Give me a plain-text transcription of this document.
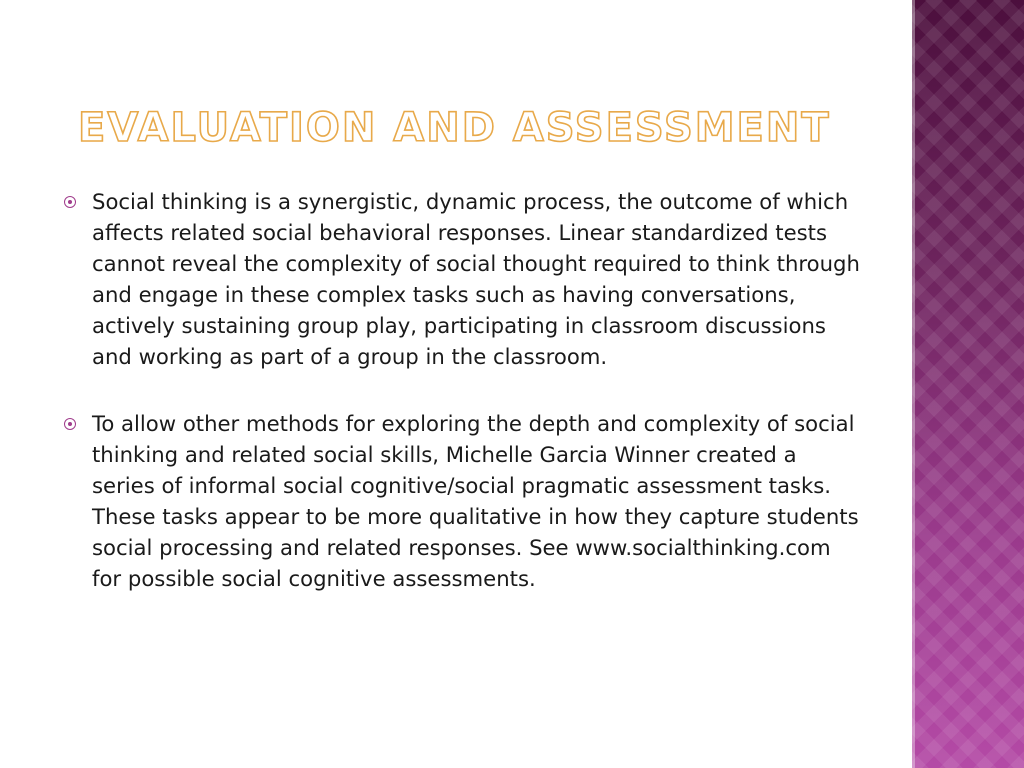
EVALUATION AND ASSESSMENT
Social thinking is a synergistic, dynamic process, the outcome of which affects related social behavioral responses. Linear standardized tests cannot reveal the complexity of social thought required to think through and engage in these complex tasks such as having conversations, actively sustaining group play, participating in classroom discussions and working as part of a group in the classroom.
To allow other methods for exploring the depth and complexity of social thinking and related social skills, Michelle Garcia Winner created a series of informal social cognitive/social pragmatic assessment tasks. These tasks appear to be more qualitative in how they capture students social processing and related responses. See www.socialthinking.com for possible social cognitive assessments.
